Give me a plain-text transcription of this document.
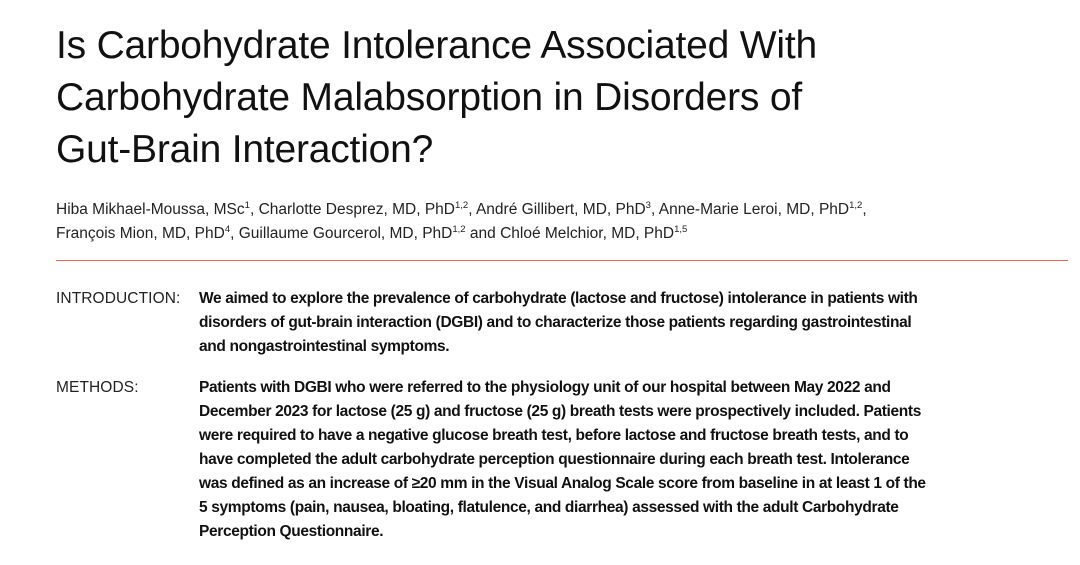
Is Carbohydrate Intolerance Associated With
Carbohydrate Malabsorption in Disorders of
Gut-Brain Interaction?
Hiba Mikhael-Moussa, MSc$^1$, Charlotte Desprez, MD, PhD$^{1,2}$, André Gillibert, MD, PhD$^3$, Anne-Marie Leroi, MD, PhD$^{1,2}$,
François Mion, MD, PhD$^4$, Guillaume Gourcerol, MD, PhD$^{1,2}$ and Chloé Melchior, MD, PhD$^{1,5}$
INTRODUCTION:	We aimed to explore the prevalence of carbohydrate (lactose and fructose) intolerance in patients with
disorders of gut-brain interaction (DGBI) and to characterize those patients regarding gastrointestinal
and nongastrointestinal symptoms.
METHODS:	Patients with DGBI who were referred to the physiology unit of our hospital between May 2022 and
December 2023 for lactose (25 g) and fructose (25 g) breath tests were prospectively included. Patients
were required to have a negative glucose breath test, before lactose and fructose breath tests, and to
have completed the adult carbohydrate perception questionnaire during each breath test. Intolerance
was defined as an increase of ≥20 mm in the Visual Analog Scale score from baseline in at least 1 of the
5 symptoms (pain, nausea, bloating, flatulence, and diarrhea) assessed with the adult Carbohydrate
Perception Questionnaire.
